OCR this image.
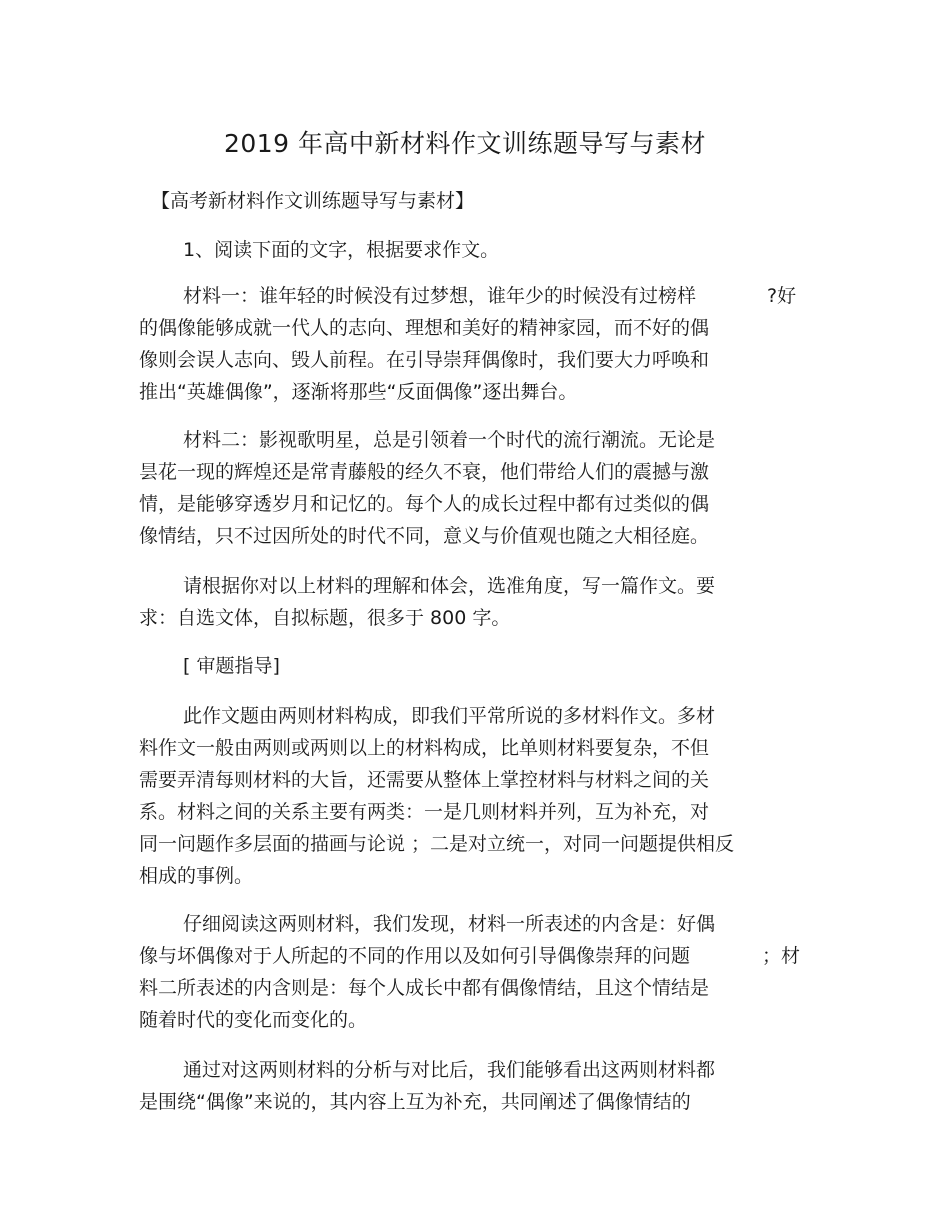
2019 年高中新材料作文训练题导写与素材
【高考新材料作文训练题导写与素材】
1、阅读下面的文字，根据要求作文。
材料一：谁年轻的时候没有过梦想，谁年少的时候没有过榜样	?好
的偶像能够成就一代人的志向、理想和美好的精神家园，而不好的偶
像则会误人志向、毁人前程。在引导崇拜偶像时，我们要大力呼唤和
推出“英雄偶像”，逐渐将那些“反面偶像”逐出舞台。
材料二：影视歌明星，总是引领着一个时代的流行潮流。无论是
昙花一现的辉煌还是常青藤般的经久不衰，他们带给人们的震撼与激
情，是能够穿透岁月和记忆的。每个人的成长过程中都有过类似的偶
像情结，只不过因所处的时代不同，意义与价值观也随之大相径庭。
请根据你对以上材料的理解和体会，选准角度，写一篇作文。要
求：自选文体，自拟标题，很多于 800 字。
[ 审题指导]
此作文题由两则材料构成，即我们平常所说的多材料作文。多材
料作文一般由两则或两则以上的材料构成，比单则材料要复杂，不但
需要弄清每则材料的大旨，还需要从整体上掌控材料与材料之间的关
系。材料之间的关系主要有两类：一是几则材料并列，互为补充，对
同一问题作多层面的描画与论说 ；二是对立统一，对同一问题提供相反
相成的事例。
仔细阅读这两则材料，我们发现，材料一所表述的内含是：好偶
像与坏偶像对于人所起的不同的作用以及如何引导偶像崇拜的问题	；材
料二所表述的内含则是：每个人成长中都有偶像情结，且这个情结是
随着时代的变化而变化的。
通过对这两则材料的分析与对比后，我们能够看出这两则材料都
是围绕“偶像”来说的，其内容上互为补充，共同阐述了偶像情结的
